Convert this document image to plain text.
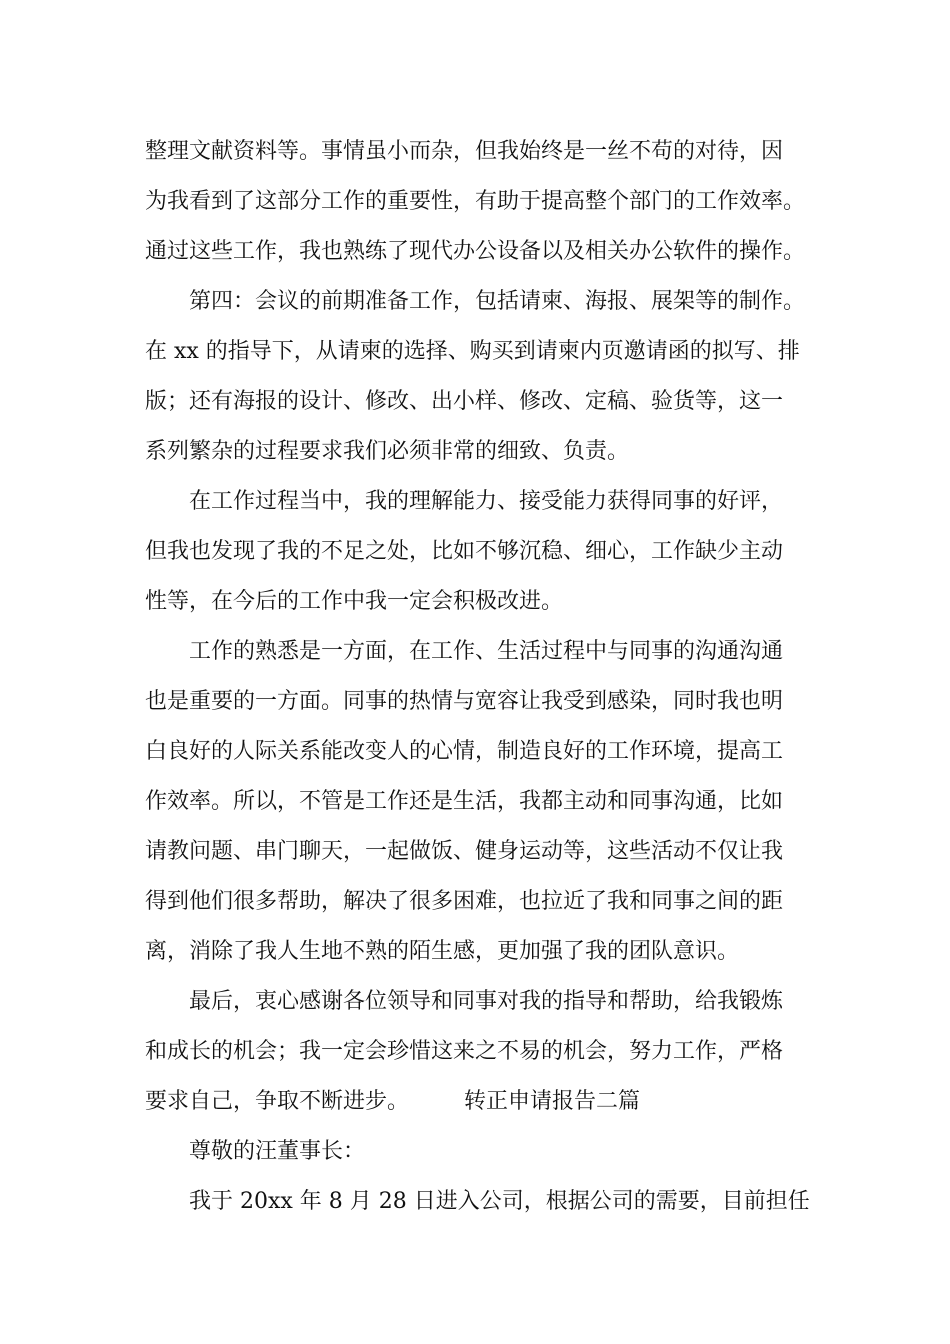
整理文献资料等。事情虽小而杂，但我始终是一丝不苟的对待，因
为我看到了这部分工作的重要性，有助于提高整个部门的工作效率。
通过这些工作，我也熟练了现代办公设备以及相关办公软件的操作。
第四：会议的前期准备工作，包括请柬、海报、展架等的制作。
在 xx 的指导下，从请柬的选择、购买到请柬内页邀请函的拟写、排
版；还有海报的设计、修改、出小样、修改、定稿、验货等，这一
系列繁杂的过程要求我们必须非常的细致、负责。
在工作过程当中，我的理解能力、接受能力获得同事的好评，
但我也发现了我的不足之处，比如不够沉稳、细心，工作缺少主动
性等，在今后的工作中我一定会积极改进。
工作的熟悉是一方面，在工作、生活过程中与同事的沟通沟通
也是重要的一方面。同事的热情与宽容让我受到感染，同时我也明
白良好的人际关系能改变人的心情，制造良好的工作环境，提高工
作效率。所以，不管是工作还是生活，我都主动和同事沟通，比如
请教问题、串门聊天，一起做饭、健身运动等，这些活动不仅让我
得到他们很多帮助，解决了很多困难，也拉近了我和同事之间的距
离，消除了我人生地不熟的陌生感，更加强了我的团队意识。
最后，衷心感谢各位领导和同事对我的指导和帮助，给我锻炼
和成长的机会；我一定会珍惜这来之不易的机会，努力工作，严格
要求自己，争取不断进步。　　　转正申请报告二篇
尊敬的汪董事长：
我于 20xx 年 8 月 28 日进入公司，根据公司的需要，目前担任
